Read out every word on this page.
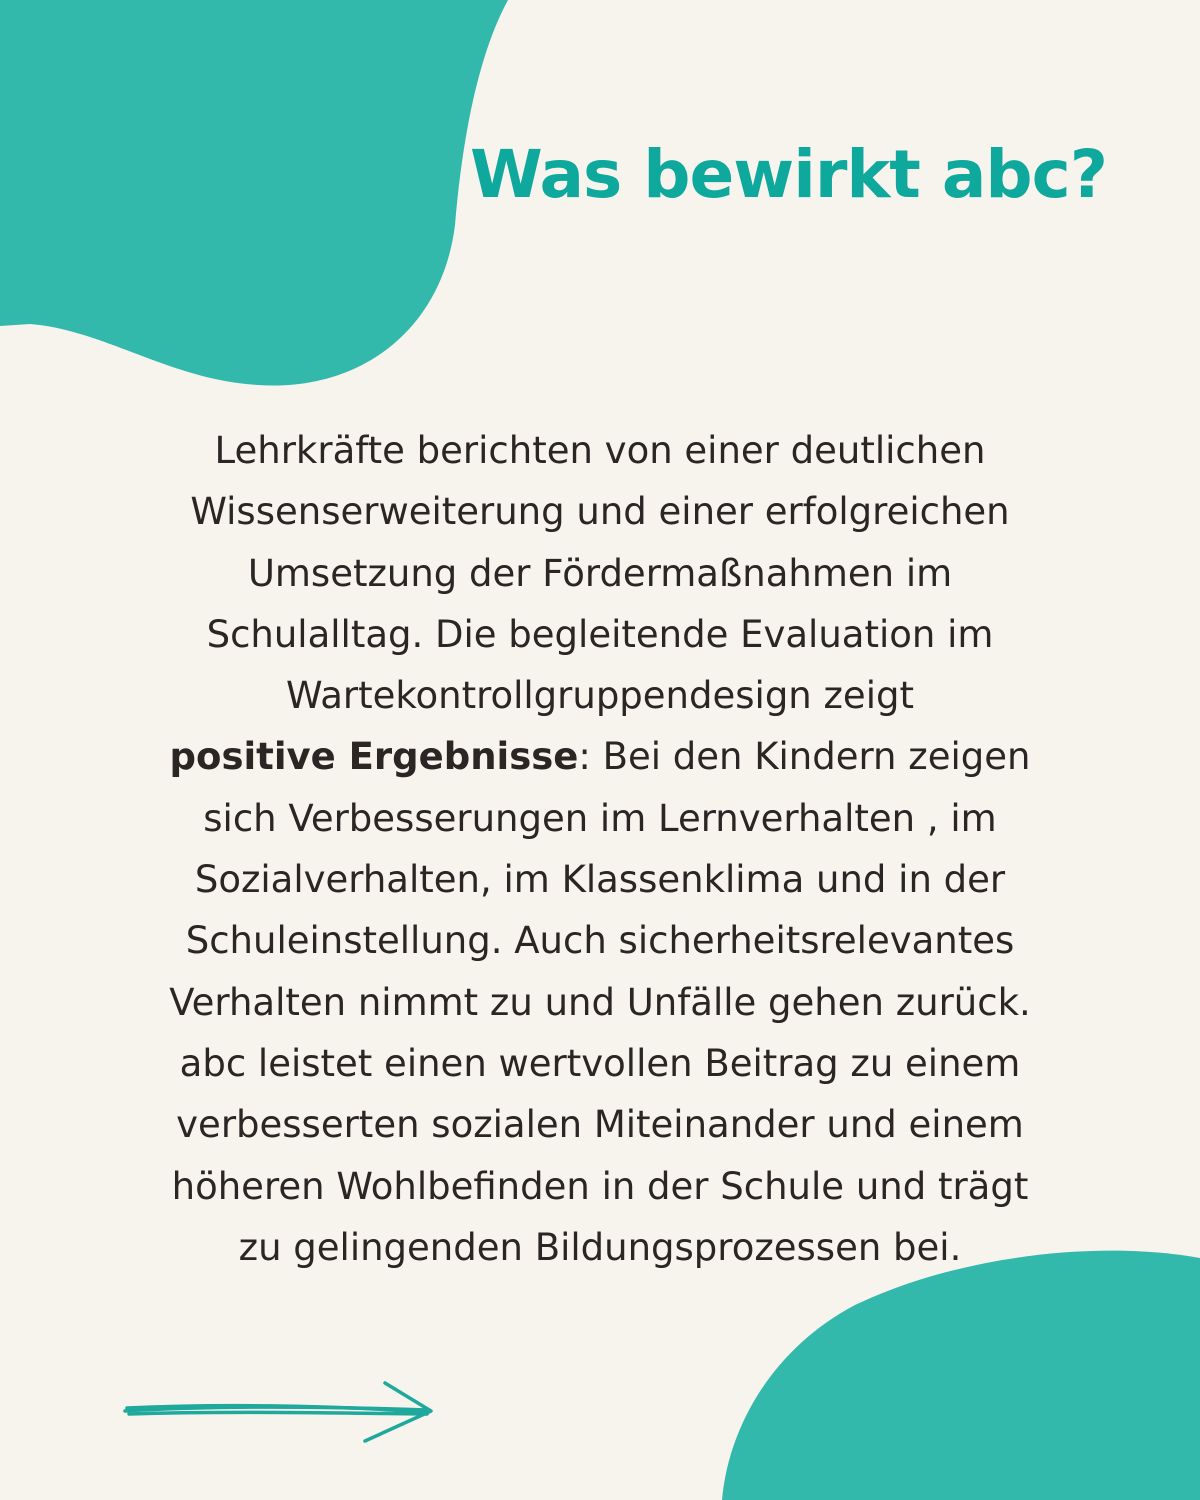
Was bewirkt abc?

Lehrkräfte berichten von einer deutlichen
Wissenserweiterung und einer erfolgreichen
Umsetzung der Fördermaßnahmen im
Schulalltag. Die begleitende Evaluation im
Wartekontrollgruppendesign zeigt
positive Ergebnisse: Bei den Kindern zeigen
sich Verbesserungen im Lernverhalten , im
Sozialverhalten, im Klassenklima und in der
Schuleinstellung. Auch sicherheitsrelevantes
Verhalten nimmt zu und Unfälle gehen zurück.
abc leistet einen wertvollen Beitrag zu einem
verbesserten sozialen Miteinander und einem
höheren Wohlbefinden in der Schule und trägt
zu gelingenden Bildungsprozessen bei.
